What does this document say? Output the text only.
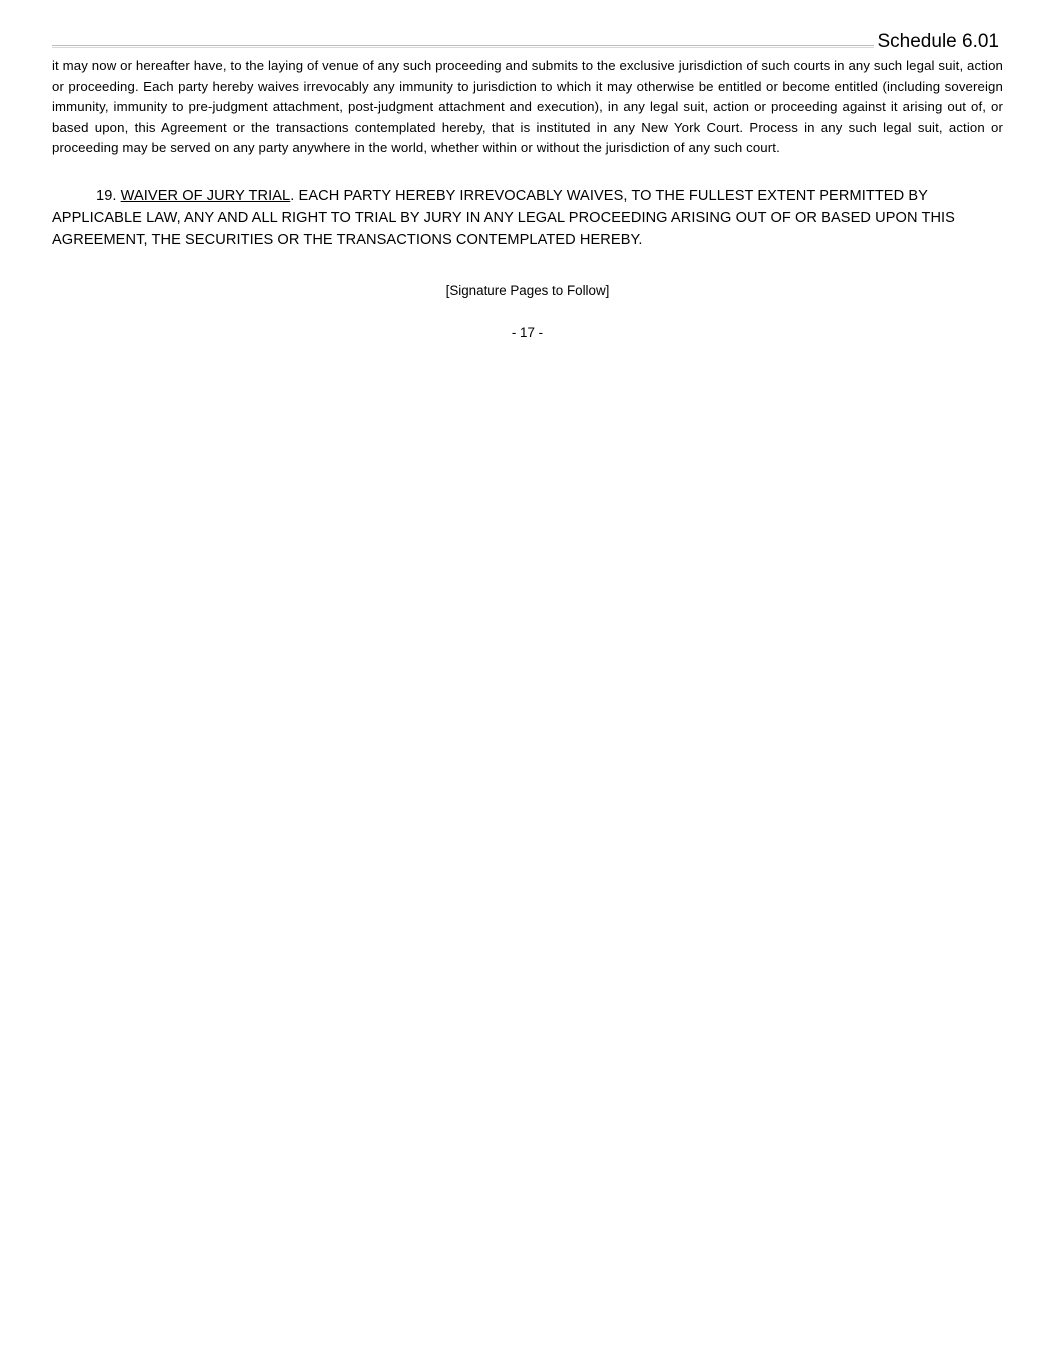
Schedule 6.01

it may now or hereafter have, to the laying of venue of any such proceeding and submits to the exclusive jurisdiction of such courts in any such legal suit, action or proceeding. Each party hereby waives irrevocably any immunity to jurisdiction to which it may otherwise be entitled or become entitled (including sovereign immunity, immunity to pre-judgment attachment, post-judgment attachment and execution), in any legal suit, action or proceeding against it arising out of, or based upon, this Agreement or the transactions contemplated hereby, that is instituted in any New York Court. Process in any such legal suit, action or proceeding may be served on any party anywhere in the world, whether within or without the jurisdiction of any such court.

19. WAIVER OF JURY TRIAL. EACH PARTY HEREBY IRREVOCABLY WAIVES, TO THE FULLEST EXTENT PERMITTED BY APPLICABLE LAW, ANY AND ALL RIGHT TO TRIAL BY JURY IN ANY LEGAL PROCEEDING ARISING OUT OF OR BASED UPON THIS AGREEMENT, THE SECURITIES OR THE TRANSACTIONS CONTEMPLATED HEREBY.

[Signature Pages to Follow]

- 17 -
